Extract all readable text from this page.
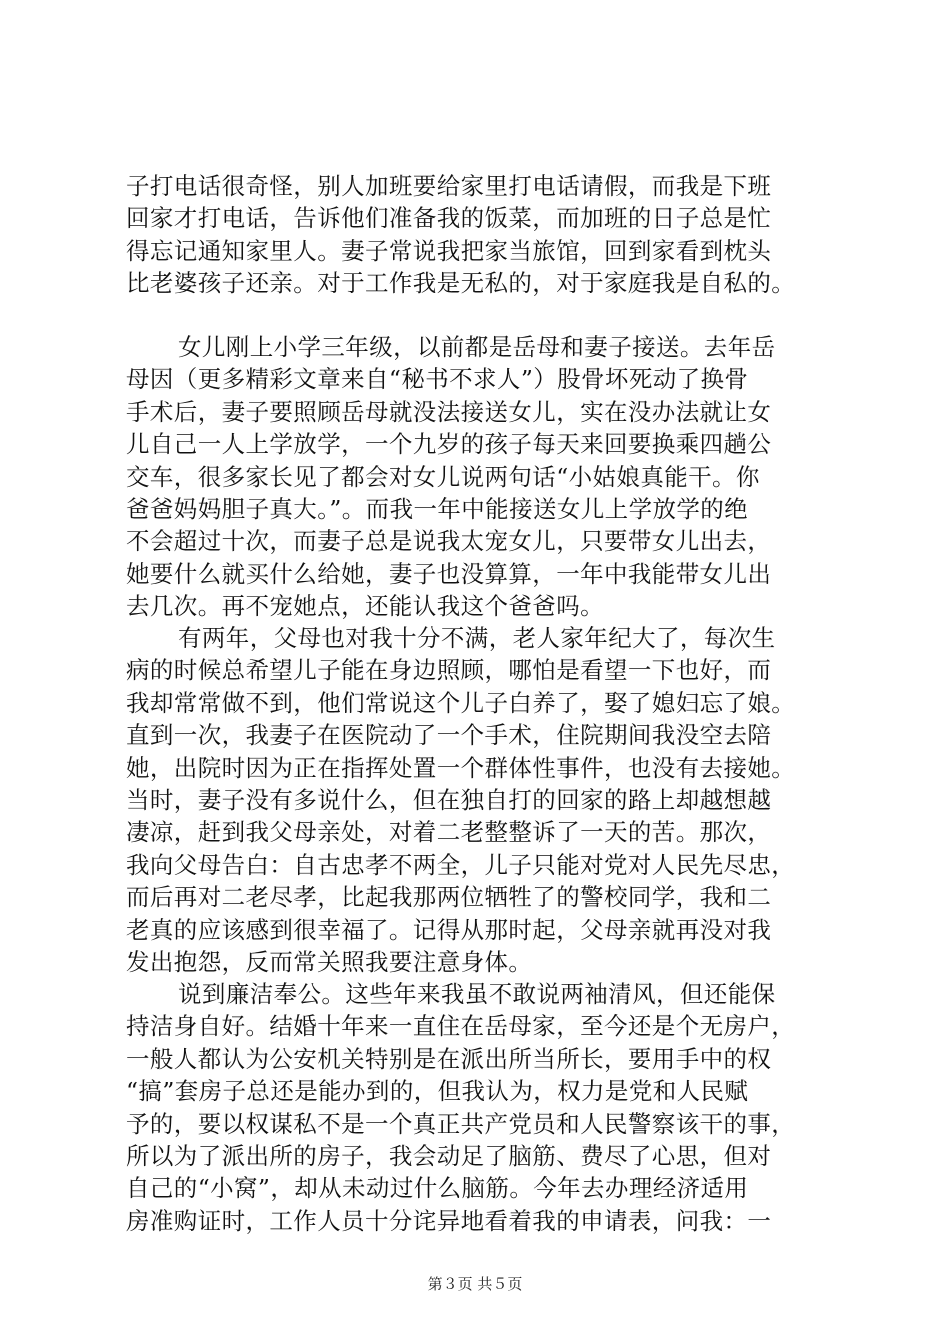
子打电话很奇怪，别人加班要给家里打电话请假，而我是下班
回家才打电话，告诉他们准备我的饭菜，而加班的日子总是忙
得忘记通知家里人。妻子常说我把家当旅馆，回到家看到枕头
比老婆孩子还亲。对于工作我是无私的，对于家庭我是自私的。
女儿刚上小学三年级，以前都是岳母和妻子接送。去年岳
母因（更多精彩文章来自“秘书不求人”）股骨坏死动了换骨
手术后，妻子要照顾岳母就没法接送女儿，实在没办法就让女
儿自己一人上学放学，一个九岁的孩子每天来回要换乘四趟公
交车，很多家长见了都会对女儿说两句话“小姑娘真能干。你
爸爸妈妈胆子真大。”。而我一年中能接送女儿上学放学的绝
不会超过十次，而妻子总是说我太宠女儿，只要带女儿出去，
她要什么就买什么给她，妻子也没算算，一年中我能带女儿出
去几次。再不宠她点，还能认我这个爸爸吗。
有两年，父母也对我十分不满，老人家年纪大了，每次生
病的时候总希望儿子能在身边照顾，哪怕是看望一下也好，而
我却常常做不到，他们常说这个儿子白养了，娶了媳妇忘了娘。
直到一次，我妻子在医院动了一个手术，住院期间我没空去陪
她，出院时因为正在指挥处置一个群体性事件，也没有去接她。
当时，妻子没有多说什么，但在独自打的回家的路上却越想越
凄凉，赶到我父母亲处，对着二老整整诉了一天的苦。那次，
我向父母告白：自古忠孝不两全，儿子只能对党对人民先尽忠，
而后再对二老尽孝，比起我那两位牺牲了的警校同学，我和二
老真的应该感到很幸福了。记得从那时起，父母亲就再没对我
发出抱怨，反而常关照我要注意身体。
说到廉洁奉公。这些年来我虽不敢说两袖清风，但还能保
持洁身自好。结婚十年来一直住在岳母家，至今还是个无房户，
一般人都认为公安机关特别是在派出所当所长，要用手中的权
“搞”套房子总还是能办到的，但我认为，权力是党和人民赋
予的，要以权谋私不是一个真正共产党员和人民警察该干的事，
所以为了派出所的房子，我会动足了脑筋、费尽了心思，但对
自己的“小窝”，却从未动过什么脑筋。今年去办理经济适用
房准购证时，工作人员十分诧异地看着我的申请表，问我：一
第３页 共５页
